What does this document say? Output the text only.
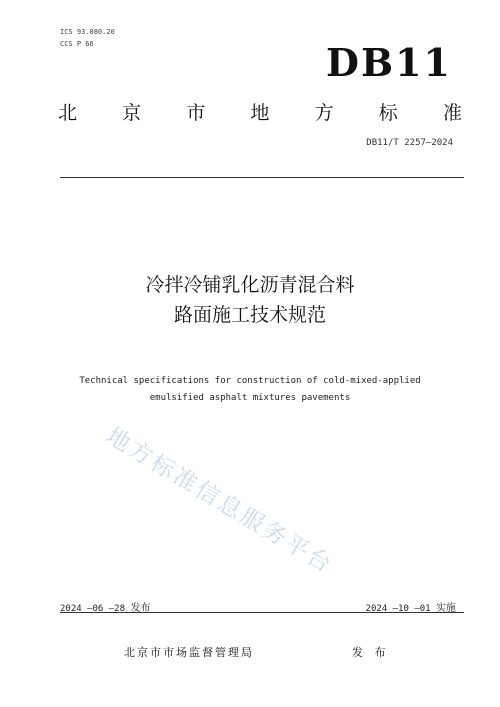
ICS 93.080.20
CCS P 66	DB11
北 京 市 地 方 标 准
DB11/T 2257—2024
冷拌冷铺乳化沥青混合料
路面施工技术规范
Technical specifications for construction of cold-mixed-applied
emulsified asphalt mixtures pavements
地方标准信息服务平台
2024 —06 —28 发布	2024 —10 —01 实施
北京市市场监督管理局	发 布
